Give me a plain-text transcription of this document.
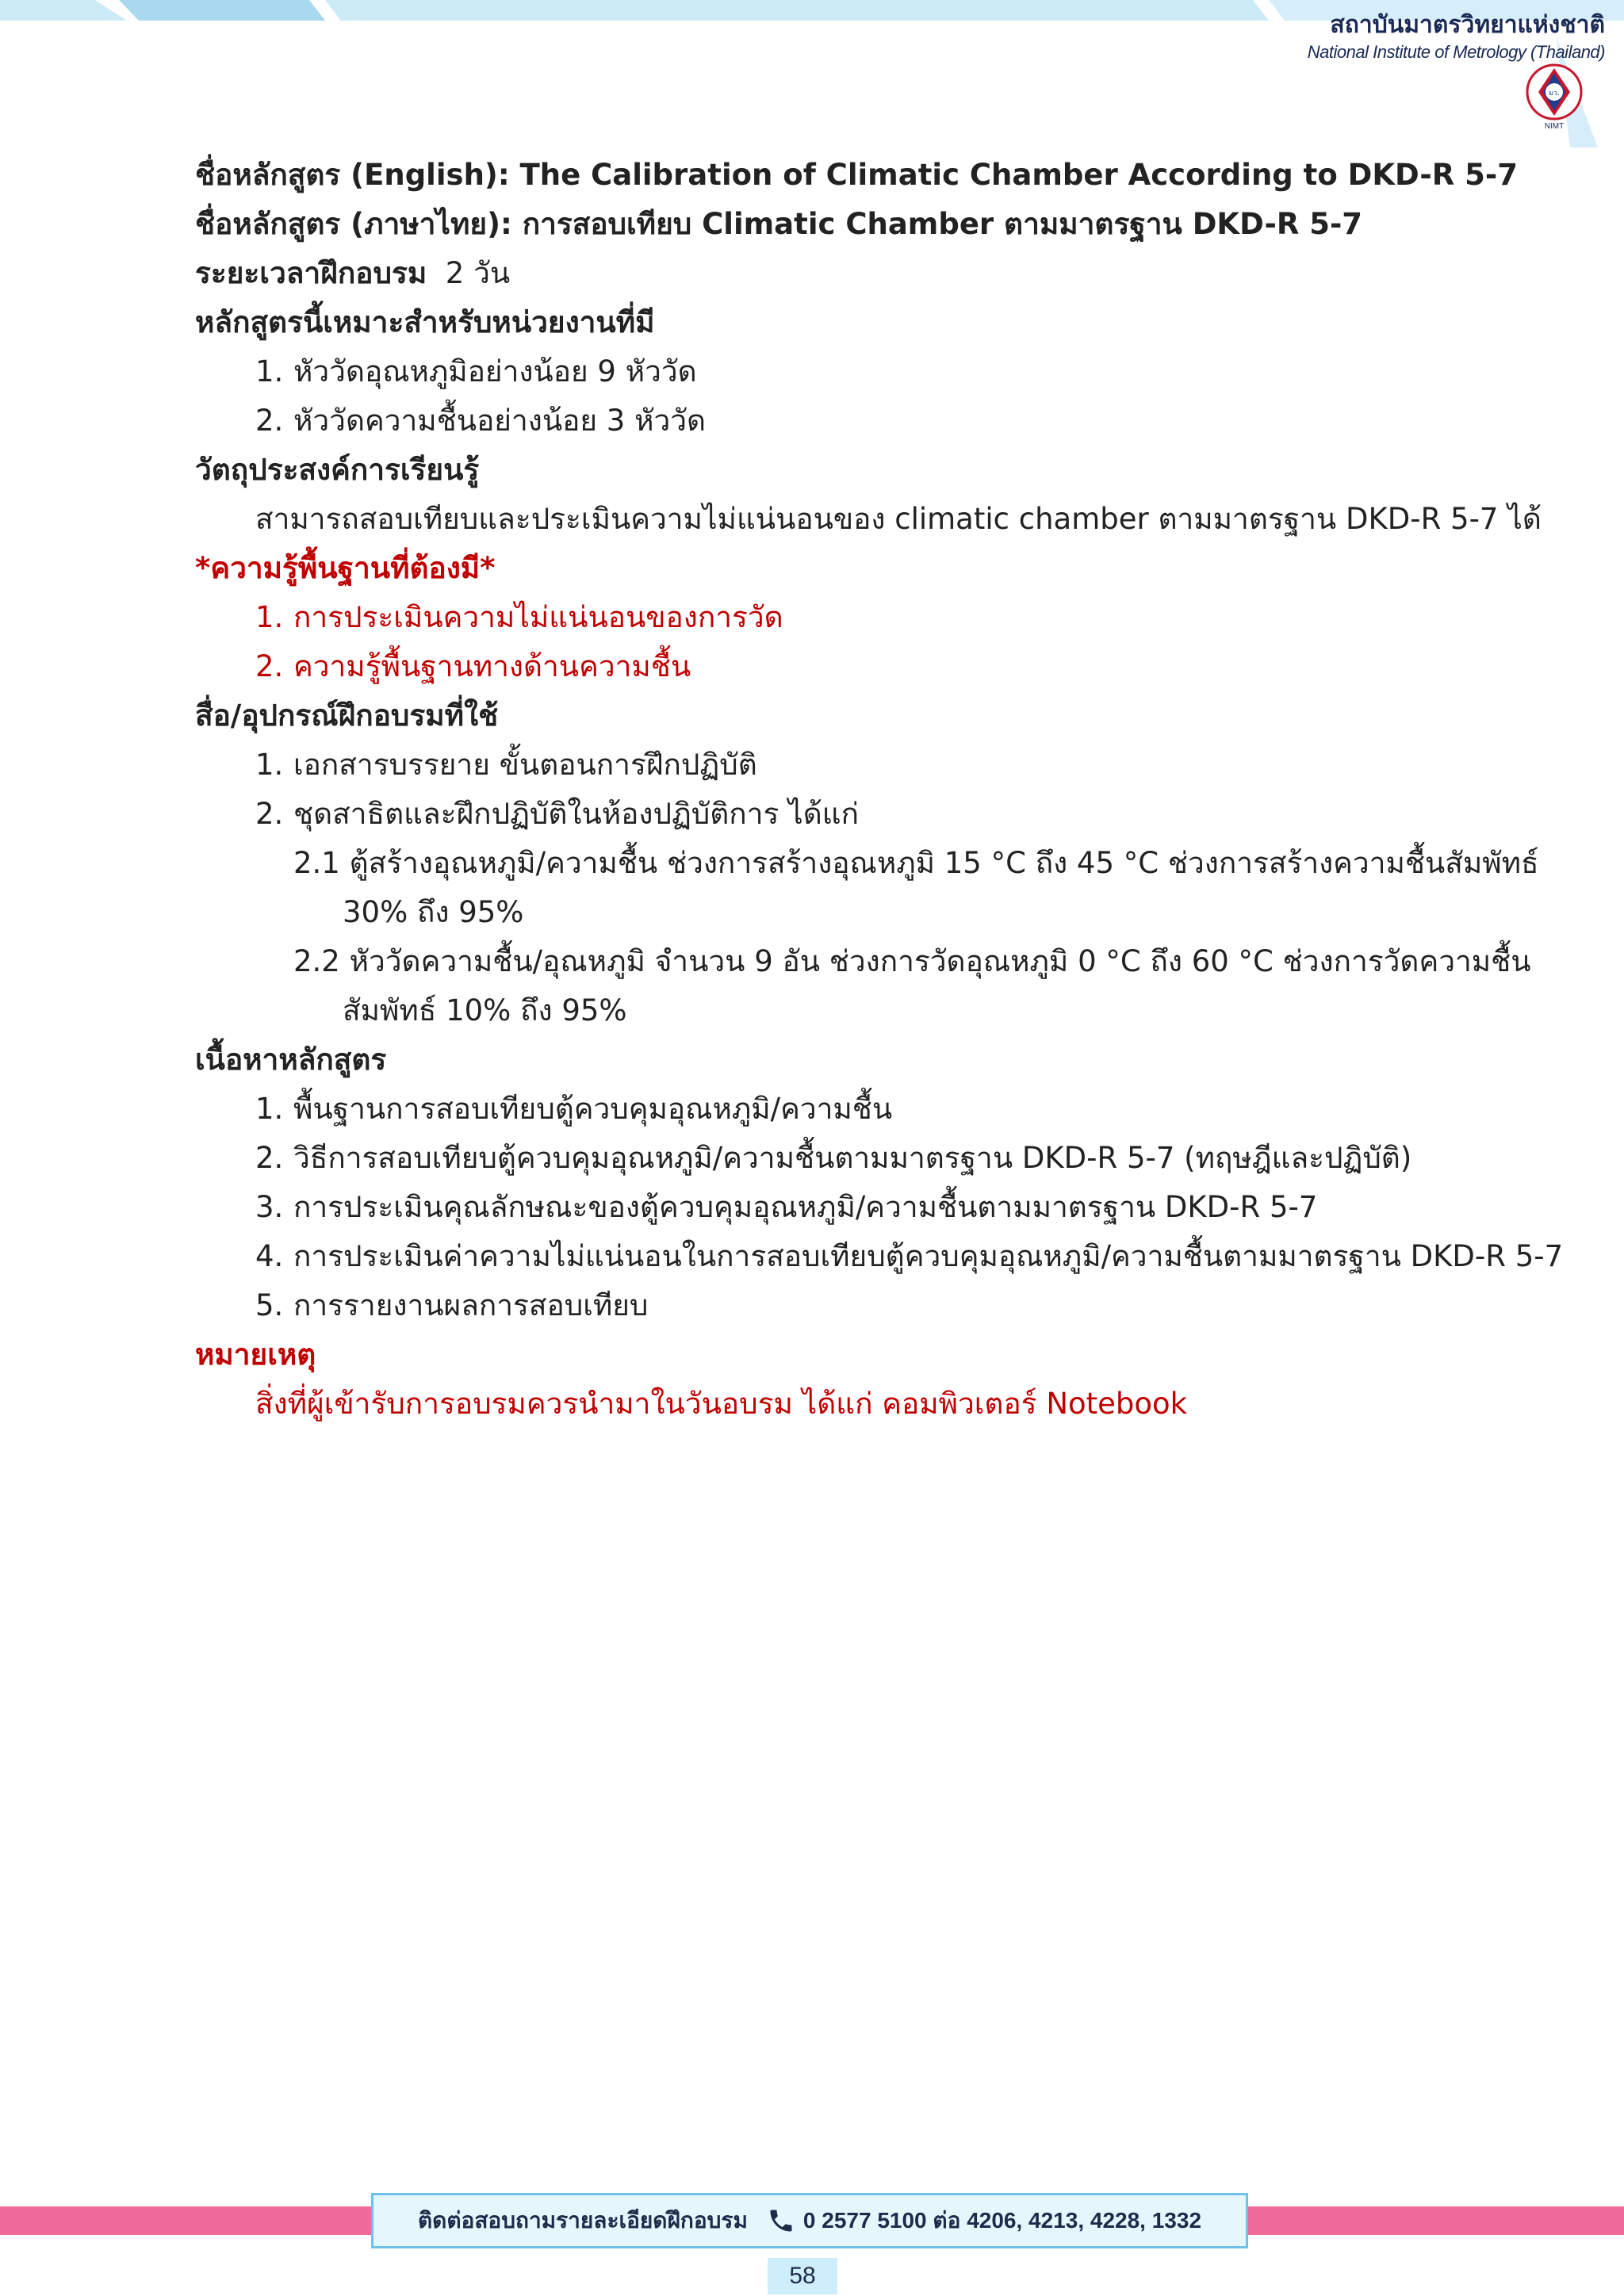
สถาบันมาตรวิทยาแห่งชาติ
National Institute of Metrology (Thailand)
มว.
NIMT
ชื่อหลักสูตร (English): The Calibration of Climatic Chamber According to DKD-R 5-7
ชื่อหลักสูตร (ภาษาไทย): การสอบเทียบ Climatic Chamber ตามมาตรฐาน DKD-R 5-7
ระยะเวลาฝึกอบรม 2 วัน
หลักสูตรนี้เหมาะสำหรับหน่วยงานที่มี
1. หัววัดอุณหภูมิอย่างน้อย 9 หัววัด
2. หัววัดความชื้นอย่างน้อย 3 หัววัด
วัตถุประสงค์การเรียนรู้
สามารถสอบเทียบและประเมินความไม่แน่นอนของ climatic chamber ตามมาตรฐาน DKD-R 5-7 ได้
*ความรู้พื้นฐานที่ต้องมี*
1. การประเมินความไม่แน่นอนของการวัด
2. ความรู้พื้นฐานทางด้านความชื้น
สื่อ/อุปกรณ์ฝึกอบรมที่ใช้
1. เอกสารบรรยาย ขั้นตอนการฝึกปฏิบัติ
2. ชุดสาธิตและฝึกปฏิบัติในห้องปฏิบัติการ ได้แก่
2.1 ตู้สร้างอุณหภูมิ/ความชื้น ช่วงการสร้างอุณหภูมิ 15 °C ถึง 45 °C ช่วงการสร้างความชื้นสัมพัทธ์
30% ถึง 95%
2.2 หัววัดความชื้น/อุณหภูมิ จำนวน 9 อัน ช่วงการวัดอุณหภูมิ 0 °C ถึง 60 °C ช่วงการวัดความชื้น
สัมพัทธ์ 10% ถึง 95%
เนื้อหาหลักสูตร
1. พื้นฐานการสอบเทียบตู้ควบคุมอุณหภูมิ/ความชื้น
2. วิธีการสอบเทียบตู้ควบคุมอุณหภูมิ/ความชื้นตามมาตรฐาน DKD-R 5-7 (ทฤษฎีและปฏิบัติ)
3. การประเมินคุณลักษณะของตู้ควบคุมอุณหภูมิ/ความชื้นตามมาตรฐาน DKD-R 5-7
4. การประเมินค่าความไม่แน่นอนในการสอบเทียบตู้ควบคุมอุณหภูมิ/ความชื้นตามมาตรฐาน DKD-R 5-7
5. การรายงานผลการสอบเทียบ
หมายเหตุ
สิ่งที่ผู้เข้ารับการอบรมควรนำมาในวันอบรม ได้แก่ คอมพิวเตอร์ Notebook
ติดต่อสอบถามรายละเอียดฝึกอบรม	0 2577 5100 ต่อ 4206, 4213, 4228, 1332
58
